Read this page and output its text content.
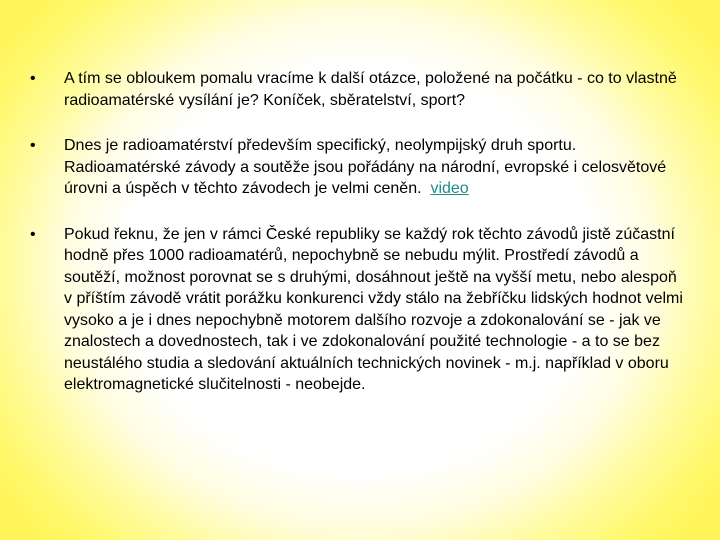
•	A tím se obloukem pomalu vracíme k další otázce, položené na počátku - co to vlastně radioamatérské vysílání je? Koníček, sběratelství, sport?
•	Dnes je radioamatérství především specifický, neolympijský druh sportu. Radioamatérské závody a soutěže jsou pořádány na národní, evropské i celosvětové úrovni a úspěch v těchto závodech je velmi ceněn. video
•	Pokud řeknu, že jen v rámci České republiky se každý rok těchto závodů jistě zúčastní hodně přes 1000 radioamatérů, nepochybně se nebudu mýlit. Prostředí závodů a soutěží, možnost porovnat se s druhými, dosáhnout ještě na vyšší metu, nebo alespoň v příštím závodě vrátit porážku konkurenci vždy stálo na žebříčku lidských hodnot velmi vysoko a je i dnes nepochybně motorem dalšího rozvoje a zdokonalování se - jak ve znalostech a dovednostech, tak i ve zdokonalování použité technologie - a to se bez neustálého studia a sledování aktuálních technických novinek - m.j. například v oboru elektromagnetické slučitelnosti - neobejde.
